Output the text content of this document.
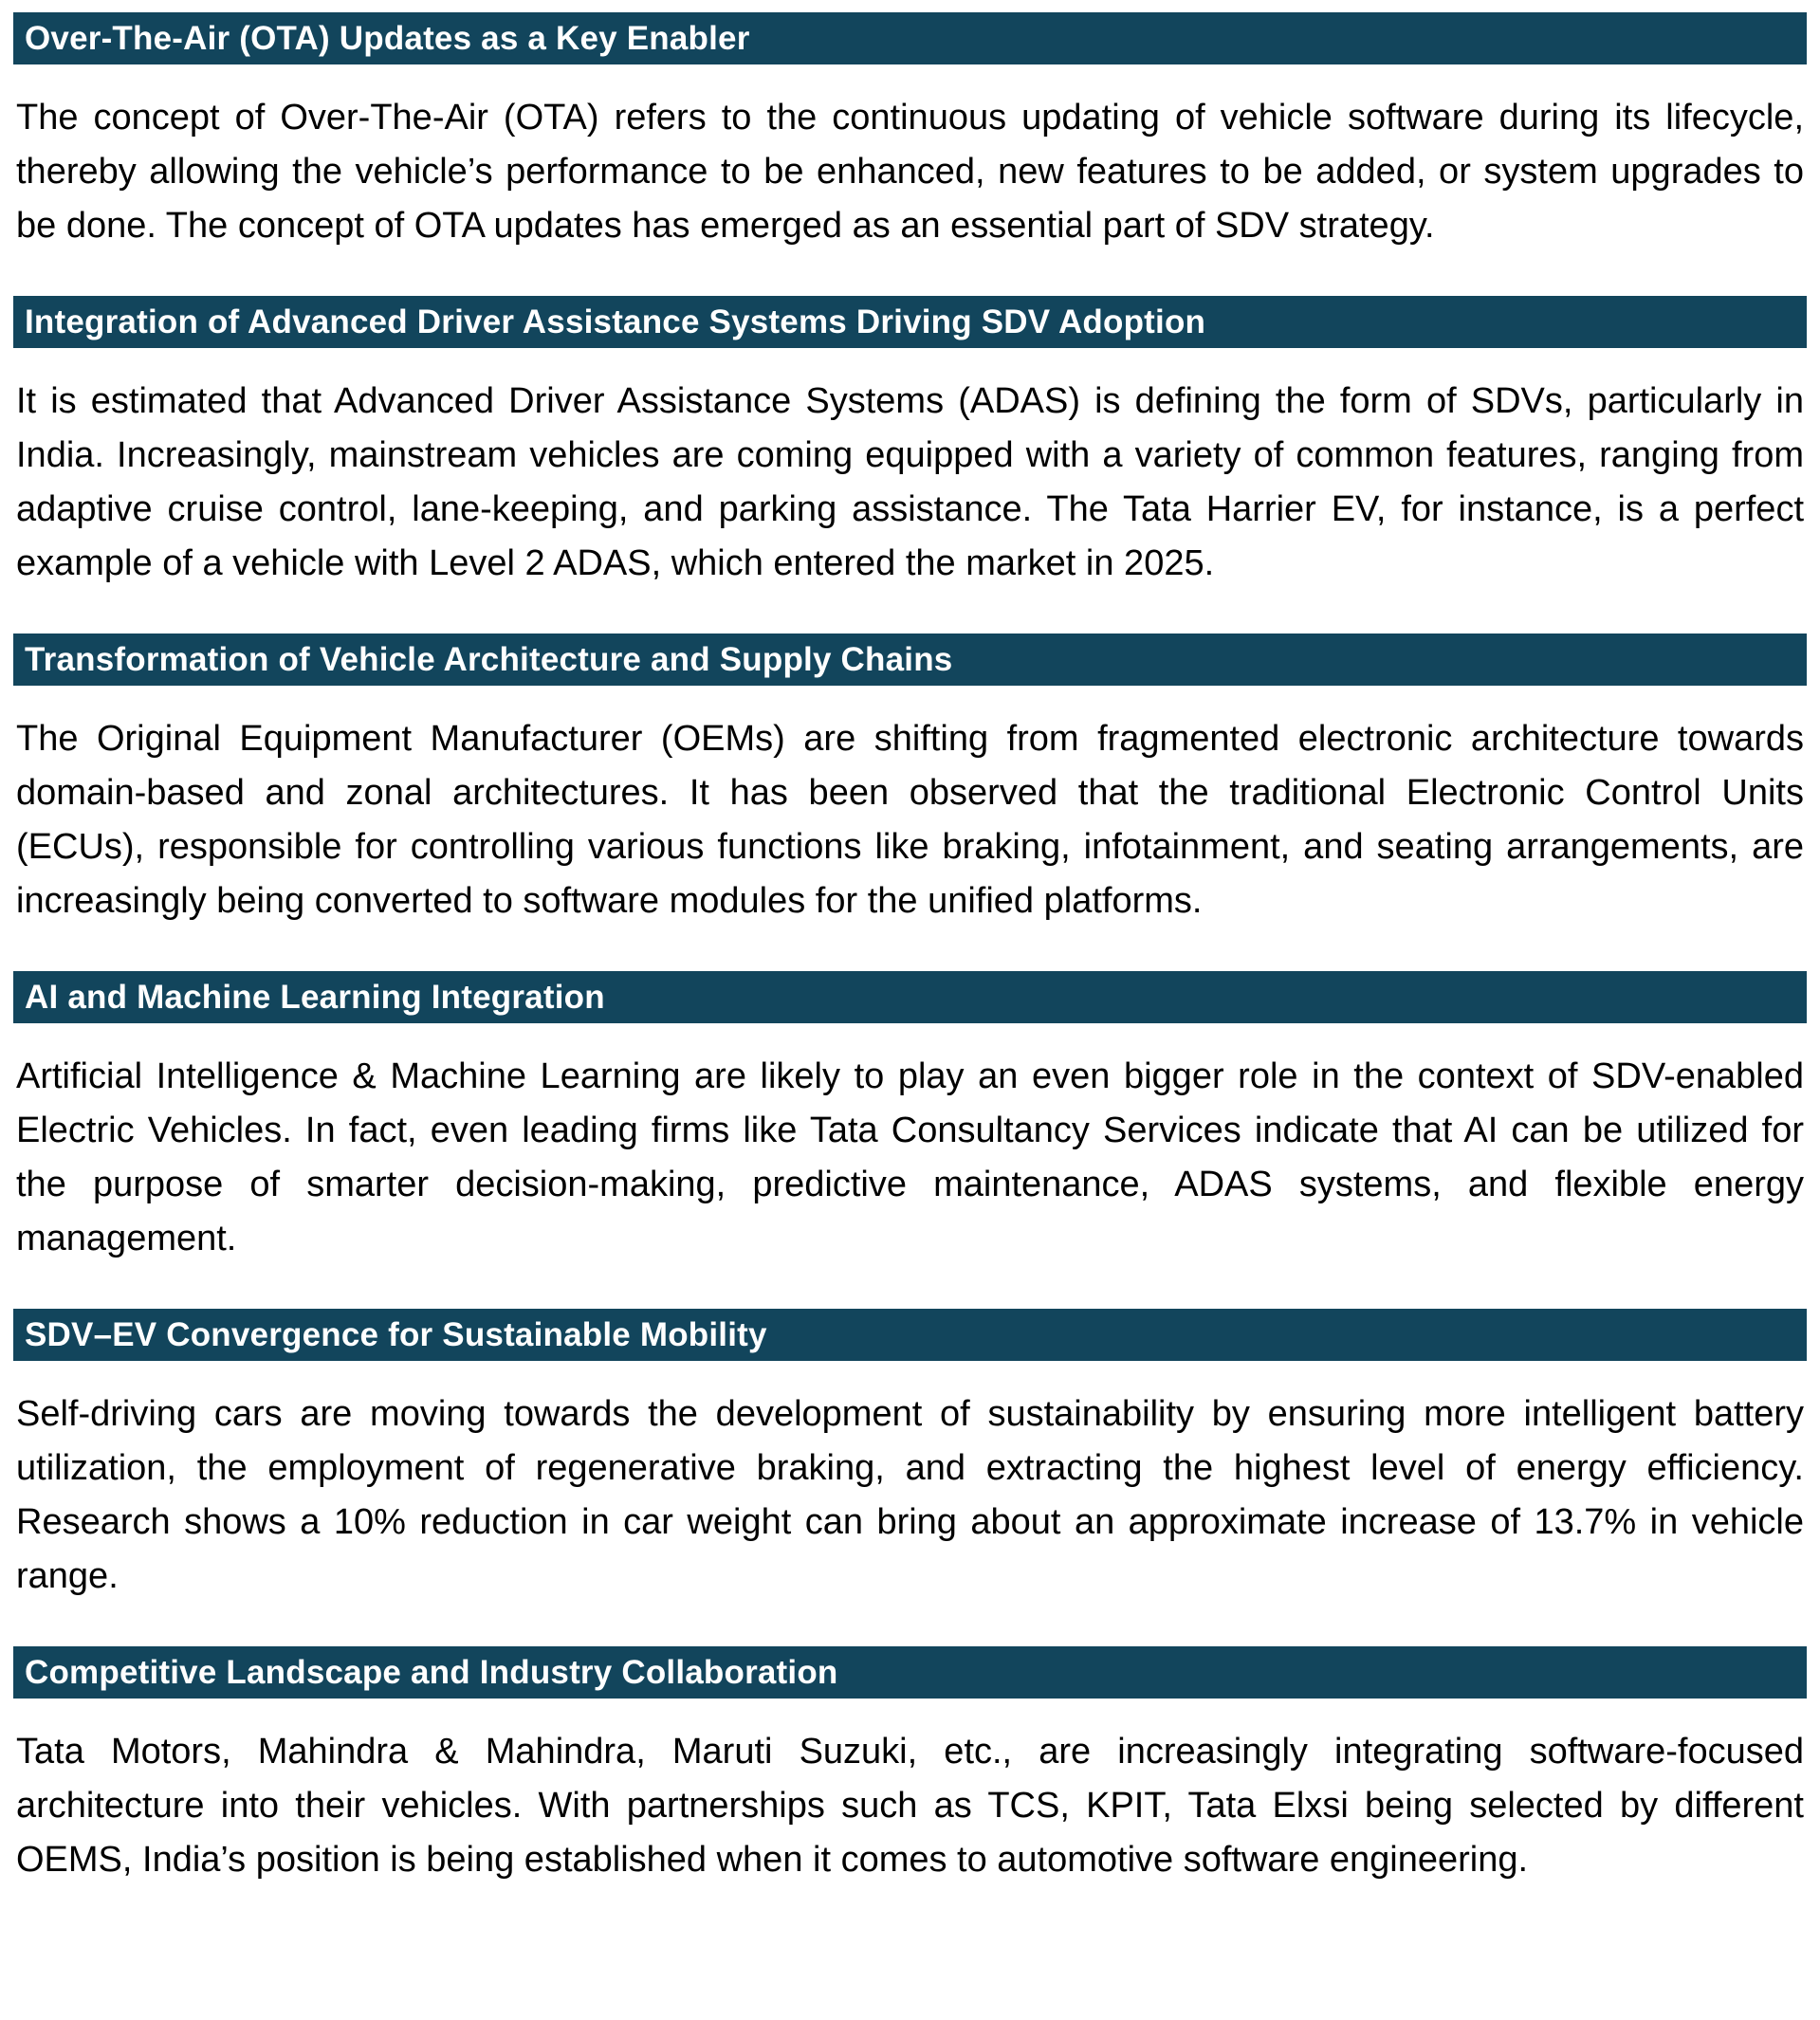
Over-The-Air (OTA) Updates as a Key Enabler

The concept of Over-The-Air (OTA) refers to the continuous updating of vehicle software during its lifecycle, thereby allowing the vehicle’s performance to be enhanced, new features to be added, or system upgrades to be done. The concept of OTA updates has emerged as an essential part of SDV strategy.

Integration of Advanced Driver Assistance Systems Driving SDV Adoption

It is estimated that Advanced Driver Assistance Systems (ADAS) is defining the form of SDVs, particularly in India. Increasingly, mainstream vehicles are coming equipped with a variety of common features, ranging from adaptive cruise control, lane-keeping, and parking assistance. The Tata Harrier EV, for instance, is a perfect example of a vehicle with Level 2 ADAS, which entered the market in 2025.

Transformation of Vehicle Architecture and Supply Chains

The Original Equipment Manufacturer (OEMs) are shifting from fragmented electronic architecture towards domain-based and zonal architectures. It has been observed that the traditional Electronic Control Units (ECUs), responsible for controlling various functions like braking, infotainment, and seating arrangements, are increasingly being converted to software modules for the unified platforms.

AI and Machine Learning Integration

Artificial Intelligence & Machine Learning are likely to play an even bigger role in the context of SDV-enabled Electric Vehicles. In fact, even leading firms like Tata Consultancy Services indicate that AI can be utilized for the purpose of smarter decision-making, predictive maintenance, ADAS systems, and flexible energy management.

SDV–EV Convergence for Sustainable Mobility

Self-driving cars are moving towards the development of sustainability by ensuring more intelligent battery utilization, the employment of regenerative braking, and extracting the highest level of energy efficiency. Research shows a 10% reduction in car weight can bring about an approximate increase of 13.7% in vehicle range.

Competitive Landscape and Industry Collaboration

Tata Motors, Mahindra & Mahindra, Maruti Suzuki, etc., are increasingly integrating software-focused architecture into their vehicles. With partnerships such as TCS, KPIT, Tata Elxsi being selected by different OEMS, India’s position is being established when it comes to automotive software engineering.
